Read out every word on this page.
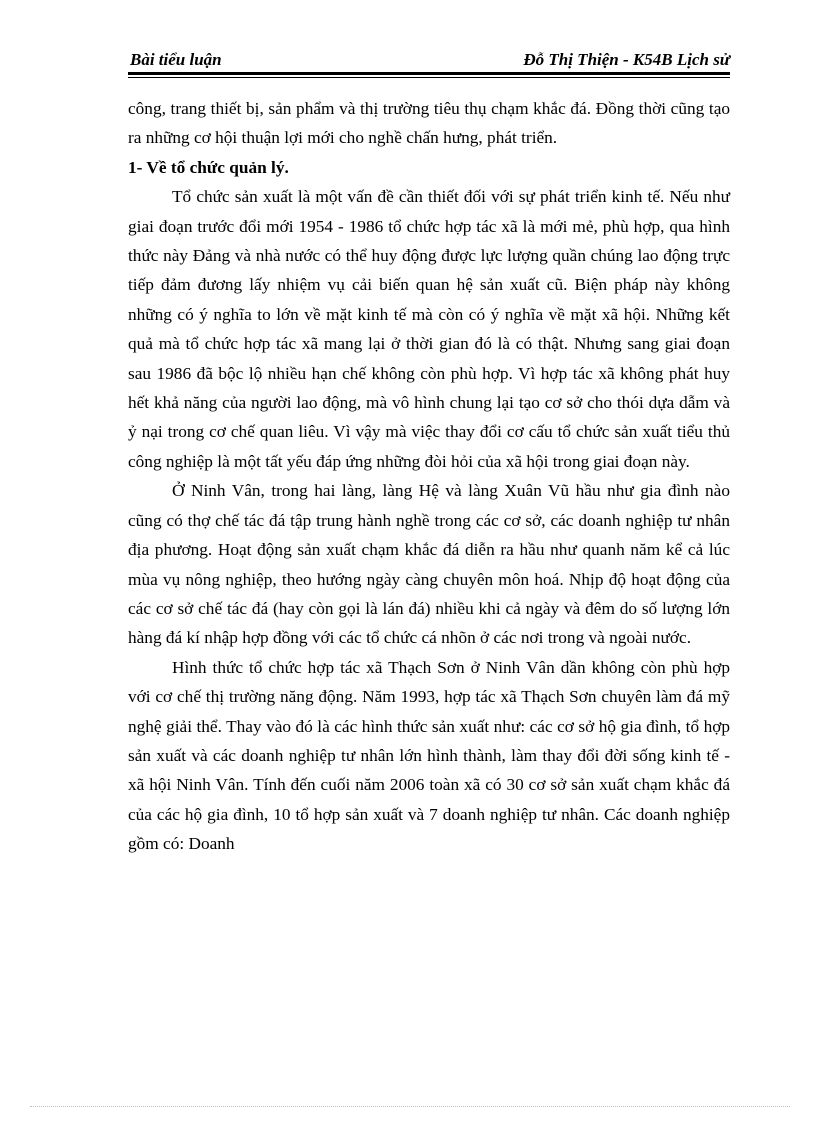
Bài tiểu luận	Đỗ Thị Thiện - K54B Lịch sử

công, trang thiết bị, sản phẩm và thị trường tiêu thụ chạm khắc đá. Đồng thời cũng tạo ra những cơ hội thuận lợi mới cho nghề chấn hưng, phát triển.

1- Về tổ chức quản lý.

Tổ chức sản xuất là một vấn đề cần thiết đối với sự phát triển kinh tế. Nếu như giai đoạn trước đổi mới 1954 - 1986 tổ chức hợp tác xã là mới mẻ, phù hợp, qua hình thức này Đảng và nhà nước có thể huy động được lực lượng quần chúng lao động trực tiếp đảm đương lấy nhiệm vụ cải biến quan hệ sản xuất cũ. Biện pháp này không những có ý nghĩa to lớn về mặt kinh tế mà còn có ý nghĩa về mặt xã hội. Những kết quả mà tổ chức hợp tác xã mang lại ở thời gian đó là có thật. Nhưng sang giai đoạn sau 1986 đã bộc lộ nhiều hạn chế không còn phù hợp. Vì hợp tác xã không phát huy hết khả năng của người lao động, mà vô hình chung lại tạo cơ sở cho thói dựa dẫm và ỷ nại trong cơ chế quan liêu. Vì vậy mà việc thay đổi cơ cấu tổ chức sản xuất tiểu thủ công nghiệp là một tất yếu đáp ứng những đòi hỏi của xã hội trong giai đoạn này.

Ở Ninh Vân, trong hai làng, làng Hệ và làng Xuân Vũ hầu như gia đình nào cũng có thợ chế tác đá tập trung hành nghề trong các cơ sở, các doanh nghiệp tư nhân địa phương. Hoạt động sản xuất chạm khắc đá diễn ra hầu như quanh năm kể cả lúc mùa vụ nông nghiệp, theo hướng ngày càng chuyên môn hoá. Nhịp độ hoạt động của các cơ sở chế tác đá (hay còn gọi là lán đá) nhiều khi cả ngày và đêm do số lượng lớn hàng đá kí nhập hợp đồng với các tổ chức cá nhõn ở các nơi trong và ngoài nước.

Hình thức tổ chức hợp tác xã Thạch Sơn ở Ninh Vân dần không còn phù hợp với cơ chế thị trường năng động. Năm 1993, hợp tác xã Thạch Sơn chuyên làm đá mỹ nghệ giải thể. Thay vào đó là các hình thức sản xuất như: các cơ sở hộ gia đình, tổ hợp sản xuất và các doanh nghiệp tư nhân lớn hình thành, làm thay đổi đời sống kinh tế - xã hội Ninh Vân. Tính đến cuối năm 2006 toàn xã có 30 cơ sở sản xuất chạm khắc đá của các hộ gia đình, 10 tổ hợp sản xuất và 7 doanh nghiệp tư nhân. Các doanh nghiệp gồm có: Doanh
